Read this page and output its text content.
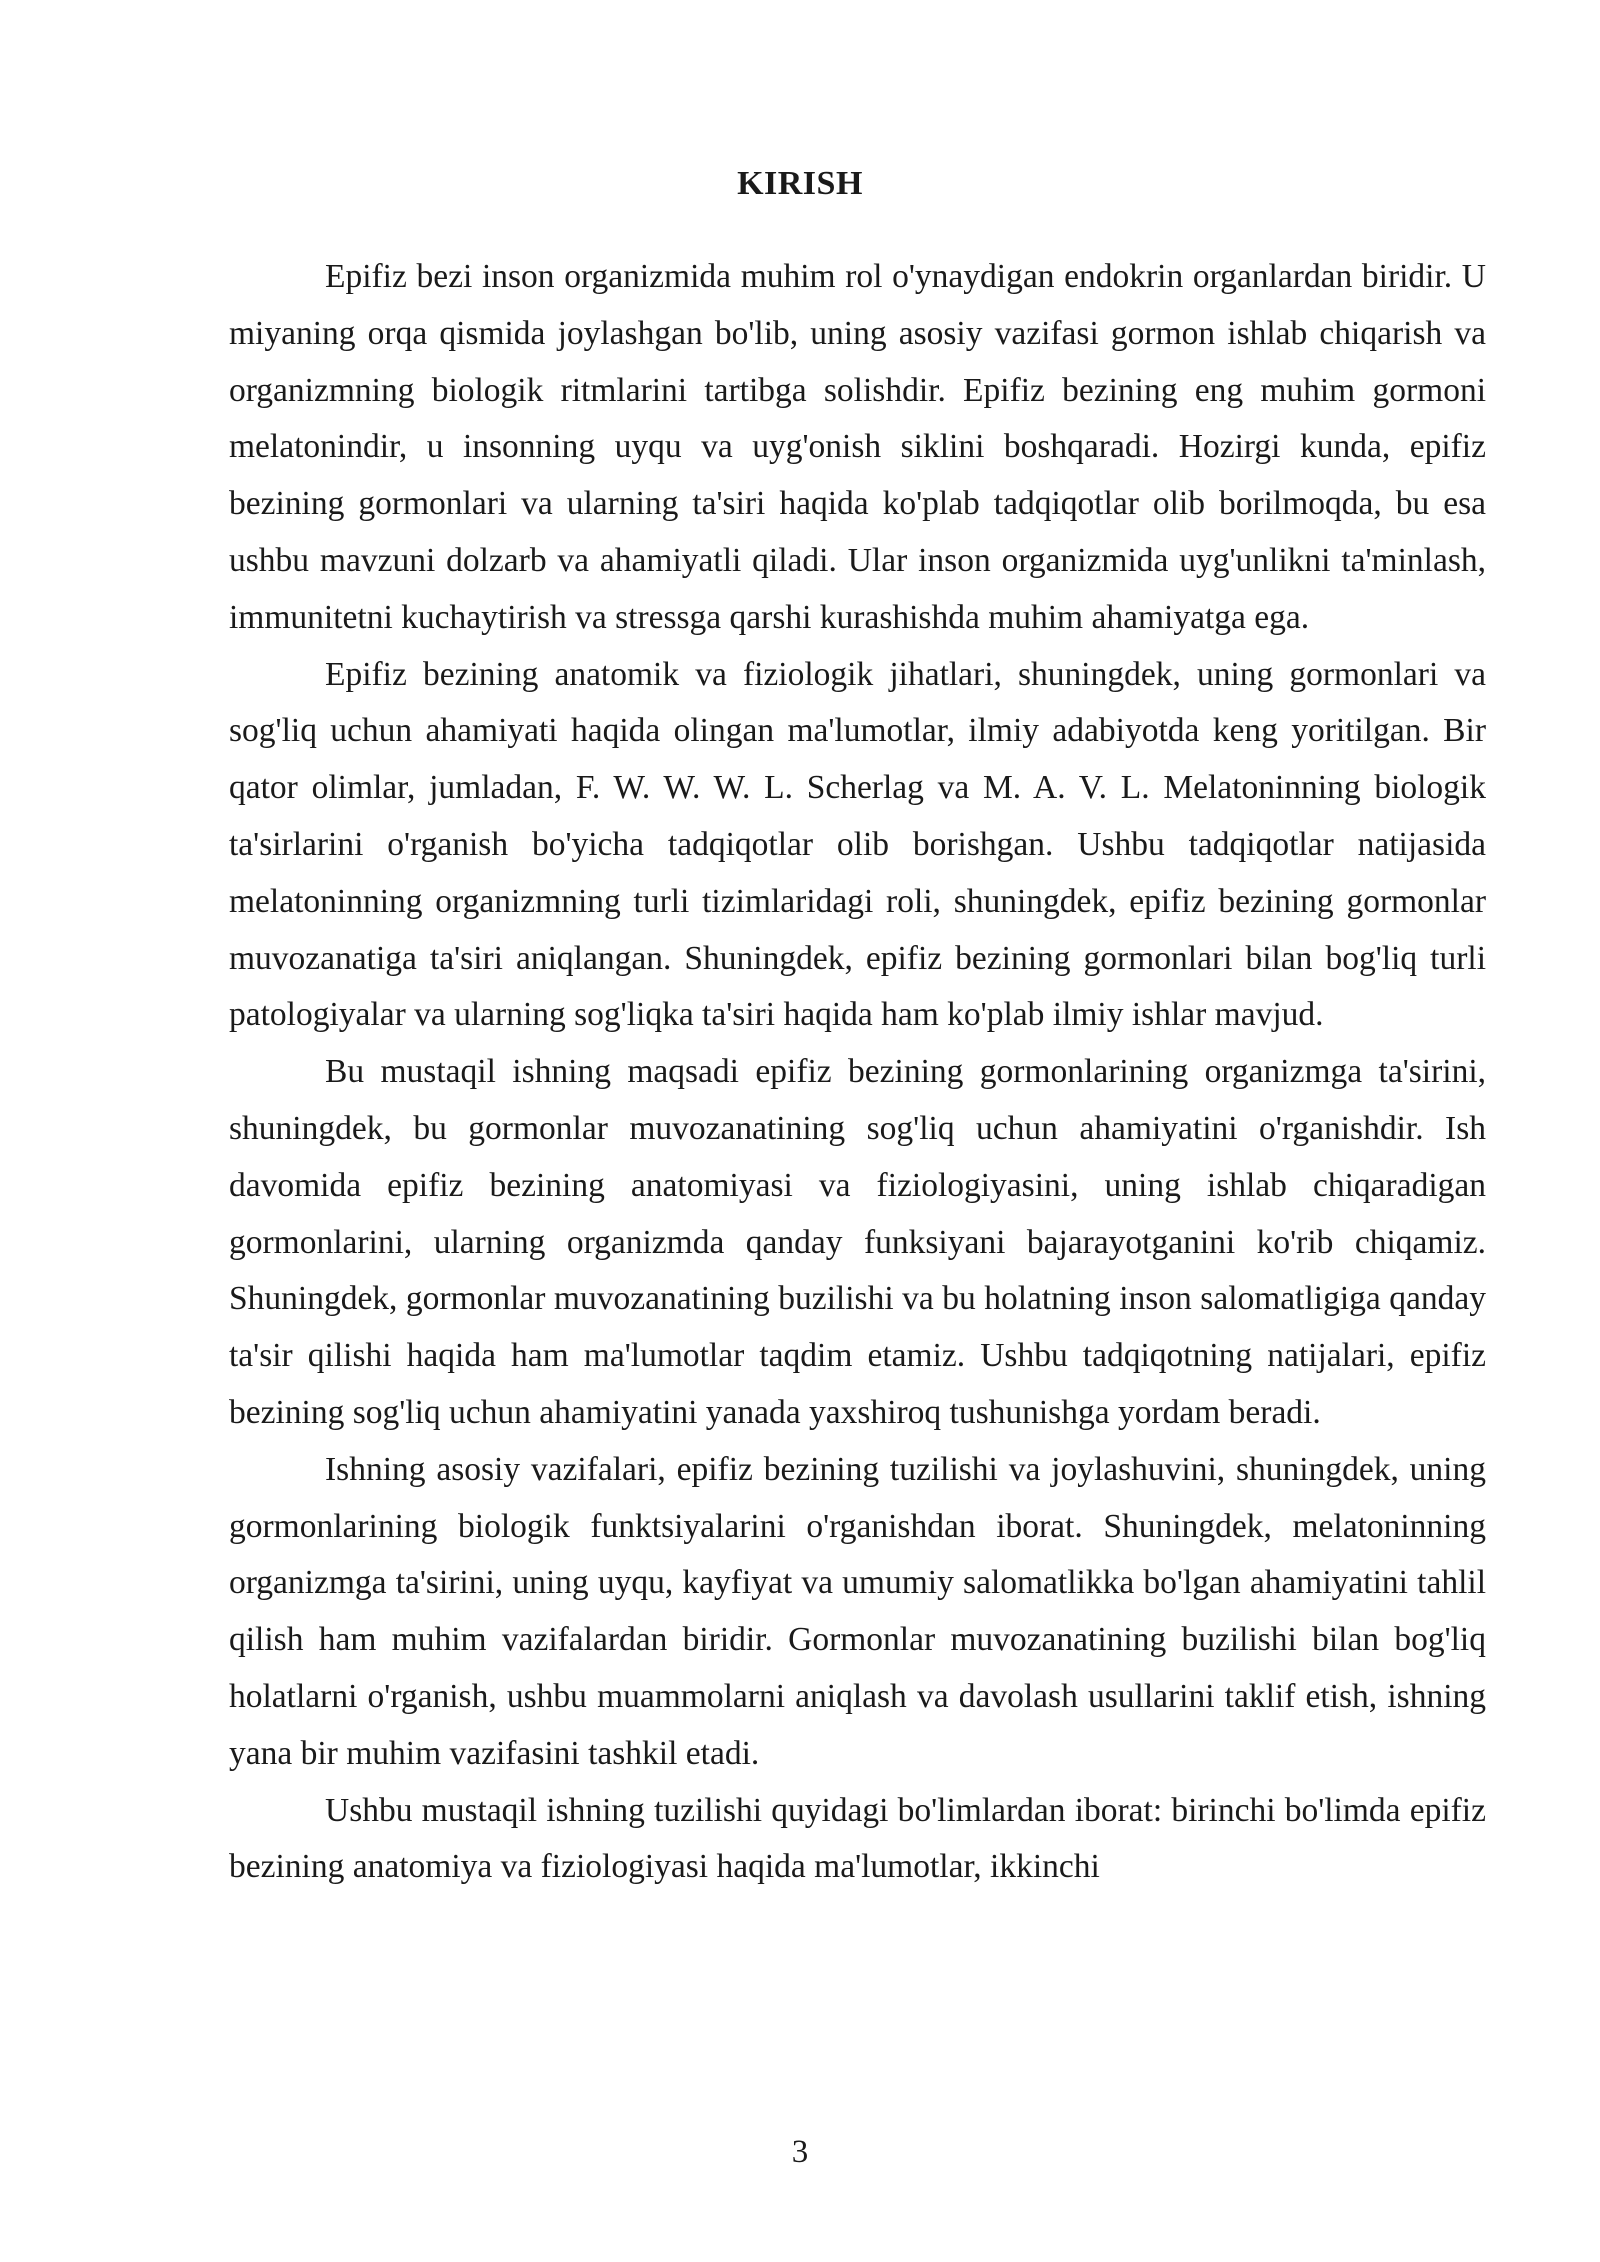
KIRISH

Epifiz bezi inson organizmida muhim rol o'ynaydigan endokrin organlardan biridir. U miyaning orqa qismida joylashgan bo'lib, uning asosiy vazifasi gormon ishlab chiqarish va organizmning biologik ritmlarini tartibga solishdir. Epifiz bezining eng muhim gormoni melatonindir, u insonning uyqu va uyg'onish siklini boshqaradi. Hozirgi kunda, epifiz bezining gormonlari va ularning ta'siri haqida ko'plab tadqiqotlar olib borilmoqda, bu esa ushbu mavzuni dolzarb va ahamiyatli qiladi. Ular inson organizmida uyg'unlikni ta'minlash, immunitetni kuchaytirish va stressga qarshi kurashishda muhim ahamiyatga ega.

Epifiz bezining anatomik va fiziologik jihatlari, shuningdek, uning gormonlari va sog'liq uchun ahamiyati haqida olingan ma'lumotlar, ilmiy adabiyotda keng yoritilgan. Bir qator olimlar, jumladan, F. W. W. W. L. Scherlag va M. A. V. L. Melatoninning biologik ta'sirlarini o'rganish bo'yicha tadqiqotlar olib borishgan. Ushbu tadqiqotlar natijasida melatoninning organizmning turli tizimlaridagi roli, shuningdek, epifiz bezining gormonlar muvozanatiga ta'siri aniqlangan. Shuningdek, epifiz bezining gormonlari bilan bog'liq turli patologiyalar va ularning sog'liqka ta'siri haqida ham ko'plab ilmiy ishlar mavjud.

Bu mustaqil ishning maqsadi epifiz bezining gormonlarining organizmga ta'sirini, shuningdek, bu gormonlar muvozanatining sog'liq uchun ahamiyatini o'rganishdir. Ish davomida epifiz bezining anatomiyasi va fiziologiyasini, uning ishlab chiqaradigan gormonlarini, ularning organizmda qanday funksiyani bajarayotganini ko'rib chiqamiz. Shuningdek, gormonlar muvozanatining buzilishi va bu holatning inson salomatligiga qanday ta'sir qilishi haqida ham ma'lumotlar taqdim etamiz. Ushbu tadqiqotning natijalari, epifiz bezining sog'liq uchun ahamiyatini yanada yaxshiroq tushunishga yordam beradi.

Ishning asosiy vazifalari, epifiz bezining tuzilishi va joylashuvini, shuningdek, uning gormonlarining biologik funktsiyalarini o'rganishdan iborat. Shuningdek, melatoninning organizmga ta'sirini, uning uyqu, kayfiyat va umumiy salomatlikka bo'lgan ahamiyatini tahlil qilish ham muhim vazifalardan biridir. Gormonlar muvozanatining buzilishi bilan bog'liq holatlarni o'rganish, ushbu muammolarni aniqlash va davolash usullarini taklif etish, ishning yana bir muhim vazifasini tashkil etadi.

Ushbu mustaqil ishning tuzilishi quyidagi bo'limlardan iborat: birinchi bo'limda epifiz bezining anatomiya va fiziologiyasi haqida ma'lumotlar, ikkinchi

3
